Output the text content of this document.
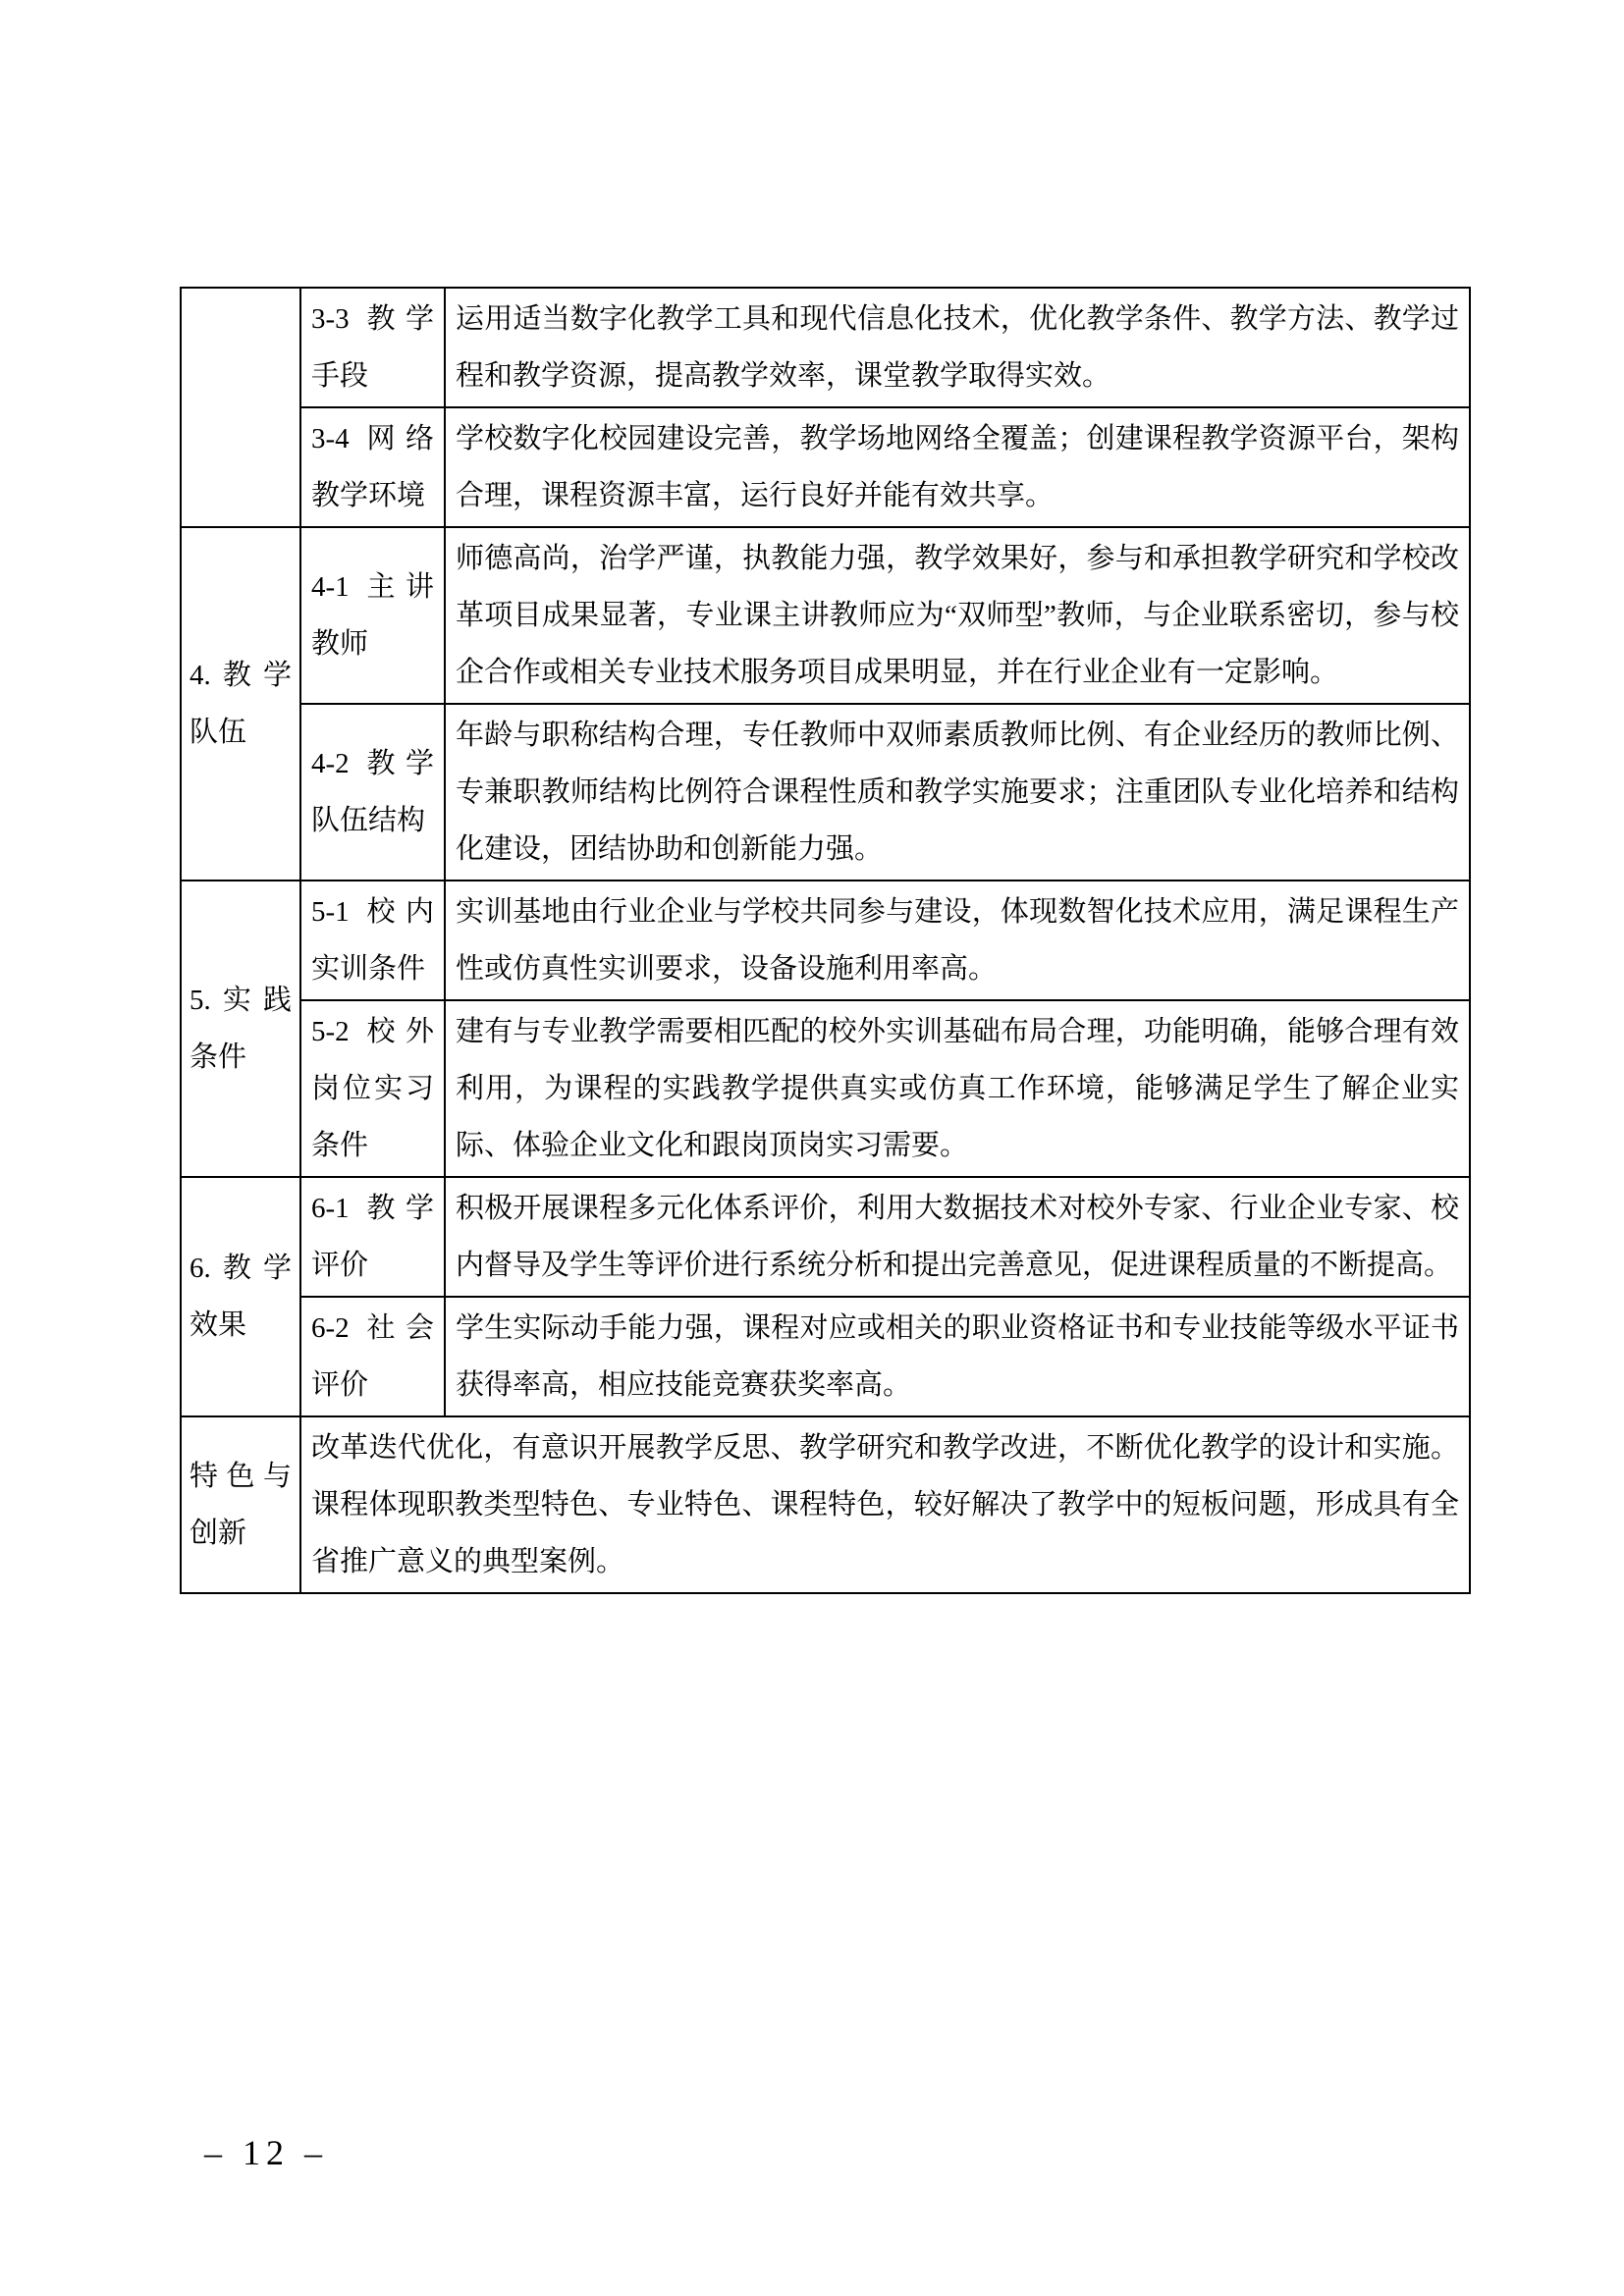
	3-3 教学手段	运用适当数字化教学工具和现代信息化技术，优化教学条件、教学方法、教学过程和教学资源，提高教学效率，课堂教学取得实效。
	3-4 网络教学环境	学校数字化校园建设完善，教学场地网络全覆盖；创建课程教学资源平台，架构合理，课程资源丰富，运行良好并能有效共享。
4.教学队伍	4-1 主讲教师	师德高尚，治学严谨，执教能力强，教学效果好，参与和承担教学研究和学校改革项目成果显著，专业课主讲教师应为“双师型”教师，与企业联系密切，参与校企合作或相关专业技术服务项目成果明显，并在行业企业有一定影响。
	4-2 教学队伍结构	年龄与职称结构合理，专任教师中双师素质教师比例、有企业经历的教师比例、专兼职教师结构比例符合课程性质和教学实施要求；注重团队专业化培养和结构化建设，团结协助和创新能力强。
5.实践条件	5-1 校内实训条件	实训基地由行业企业与学校共同参与建设，体现数智化技术应用，满足课程生产性或仿真性实训要求，设备设施利用率高。
	5-2 校外岗位实习条件	建有与专业教学需要相匹配的校外实训基础布局合理，功能明确，能够合理有效利用，为课程的实践教学提供真实或仿真工作环境，能够满足学生了解企业实际、体验企业文化和跟岗顶岗实习需要。
6.教学效果	6-1 教学评价	积极开展课程多元化体系评价，利用大数据技术对校外专家、行业企业专家、校内督导及学生等评价进行系统分析和提出完善意见，促进课程质量的不断提高。
	6-2 社会评价	学生实际动手能力强，课程对应或相关的职业资格证书和专业技能等级水平证书获得率高，相应技能竞赛获奖率高。
特色与创新	改革迭代优化，有意识开展教学反思、教学研究和教学改进，不断优化教学的设计和实施。课程体现职教类型特色、专业特色、课程特色，较好解决了教学中的短板问题，形成具有全省推广意义的典型案例。	
– 12 –
